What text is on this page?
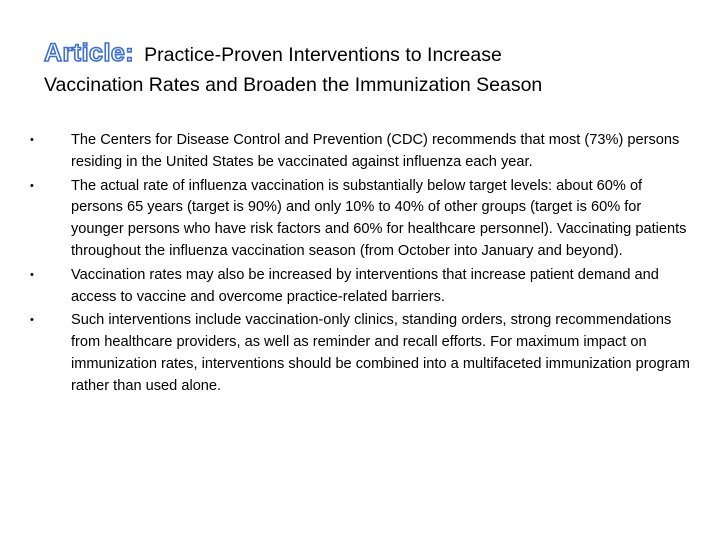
Article: Practice-Proven Interventions to Increase
Vaccination Rates and Broaden the Immunization Season
•	The Centers for Disease Control and Prevention (CDC) recommends that most (73%) persons residing in the United States be vaccinated against influenza each year.
•	The actual rate of influenza vaccination is substantially below target levels: about 60% of persons 65 years (target is 90%) and only 10% to 40% of other groups (target is 60% for younger persons who have risk factors and 60% for healthcare personnel). Vaccinating patients throughout the influenza vaccination season (from October into January and beyond).
•	Vaccination rates may also be increased by interventions that increase patient demand and access to vaccine and overcome practice-related barriers.
•	Such interventions include vaccination-only clinics, standing orders, strong recommendations from healthcare providers, as well as reminder and recall efforts. For maximum impact on immunization rates, interventions should be combined into a multifaceted immunization program rather than used alone.
